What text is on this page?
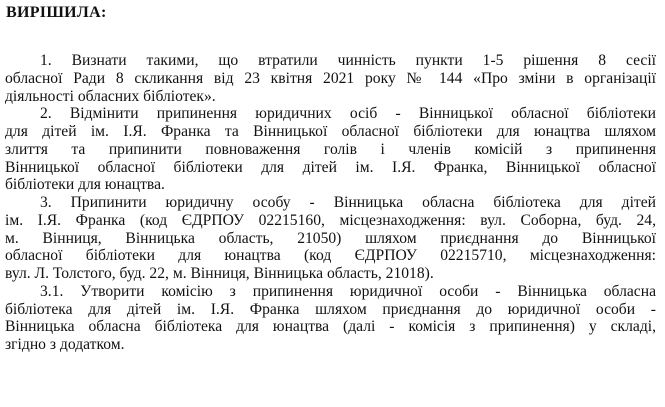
ВИРІШИЛА:
1. Визнати такими, що втратили чинність пункти 1-5 рішення 8 сесії
обласної Ради 8 скликання від 23 квітня 2021 року № 144 «Про зміни в організації
діяльності обласних бібліотек».
2. Відмінити припинення юридичних осіб - Вінницької обласної бібліотеки
для дітей ім. І.Я. Франка та Вінницької обласної бібліотеки для юнацтва шляхом
злиття та припинити повноваження голів і членів комісій з припинення
Вінницької обласної бібліотеки для дітей ім. І.Я. Франка, Вінницької обласної
бібліотеки для юнацтва.
3. Припинити юридичну особу - Вінницька обласна бібліотека для дітей
ім. І.Я. Франка (код ЄДРПОУ 02215160, місцезнаходження: вул. Соборна, буд. 24,
м. Вінниця, Вінницька область, 21050) шляхом приєднання до Вінницької
обласної бібліотеки для юнацтва (код ЄДРПОУ 02215710, місцезнаходження:
вул. Л. Толстого, буд. 22, м. Вінниця, Вінницька область, 21018).
3.1. Утворити комісію з припинення юридичної особи - Вінницька обласна
бібліотека для дітей ім. І.Я. Франка шляхом приєднання до юридичної особи -
Вінницька обласна бібліотека для юнацтва (далі - комісія з припинення) у складі,
згідно з додатком.
